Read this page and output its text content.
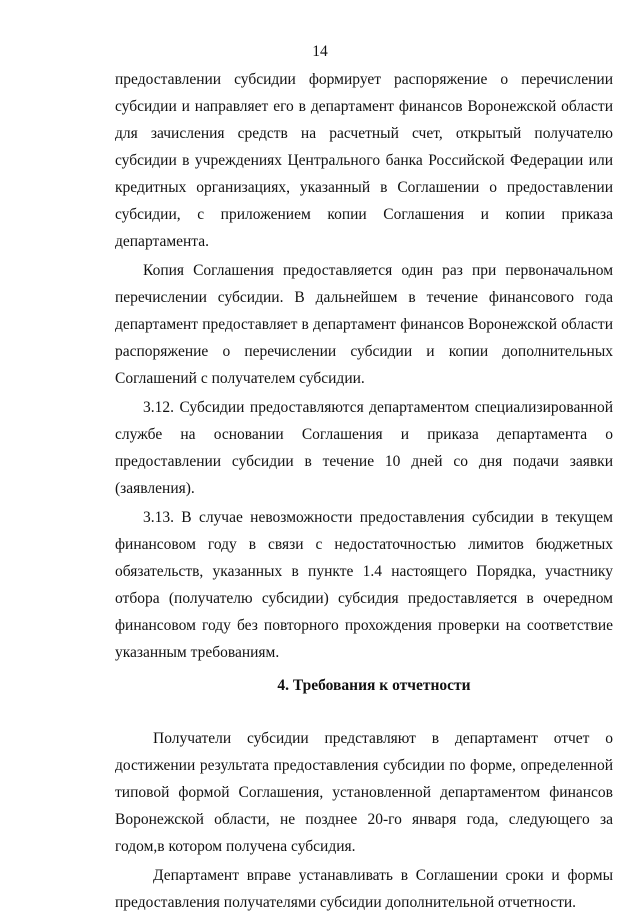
14

предоставлении субсидии формирует распоряжение о перечислении субсидии и направляет его в департамент финансов Воронежской области для зачисления средств на расчетный счет, открытый получателю субсидии в учреждениях Центрального банка Российской Федерации или кредитных организациях, указанный в Соглашении о предоставлении субсидии, с приложением копии Соглашения и копии приказа департамента.

Копия Соглашения предоставляется один раз при первоначальном перечислении субсидии. В дальнейшем в течение финансового года департамент предоставляет в департамент финансов Воронежской области распоряжение о перечислении субсидии и копии дополнительных Соглашений с получателем субсидии.

3.12. Субсидии предоставляются департаментом специализированной службе на основании Соглашения и приказа департамента о предоставлении субсидии в течение 10 дней со дня подачи заявки (заявления).

3.13. В случае невозможности предоставления субсидии в текущем финансовом году в связи с недостаточностью лимитов бюджетных обязательств, указанных в пункте 1.4 настоящего Порядка, участнику отбора (получателю субсидии) субсидия предоставляется в очередном финансовом году без повторного прохождения проверки на соответствие указанным требованиям.

4. Требования к отчетности

Получатели субсидии представляют в департамент отчет о достижении результата предоставления субсидии по форме, определенной типовой формой Соглашения, установленной департаментом финансов Воронежской области, не позднее 20-го января года, следующего за годом,в котором получена субсидия.

Департамент вправе устанавливать в Соглашении сроки и формы предоставления получателями субсидии дополнительной отчетности.
